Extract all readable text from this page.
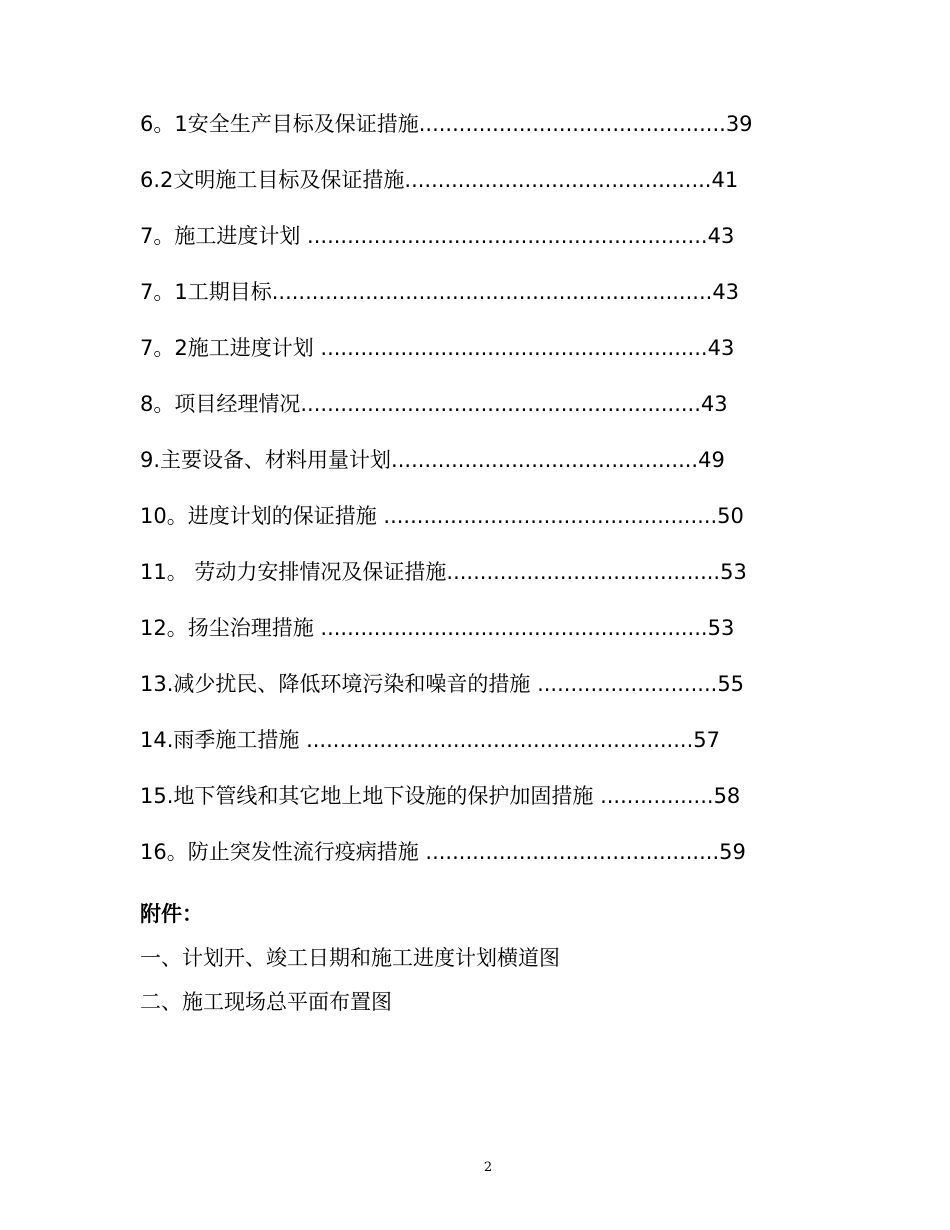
6。1安全生产目标及保证措施..............................................39
6.2文明施工目标及保证措施..............................................41
7。施工进度计划 ............................................................43
7。1工期目标..................................................................43
7。2施工进度计划 ..........................................................43
8。项目经理情况............................................................43
9.主要设备、材料用量计划..............................................49
10。进度计划的保证措施 ..................................................50
11。 劳动力安排情况及保证措施.........................................53
12。扬尘治理措施 ..........................................................53
13.减少扰民、降低环境污染和噪音的措施 ...........................55
14.雨季施工措施 ..........................................................57
15.地下管线和其它地上地下设施的保护加固措施 .................58
16。防止突发性流行疫病措施 ............................................59
附件：
一、计划开、竣工日期和施工进度计划横道图
二、施工现场总平面布置图
2
